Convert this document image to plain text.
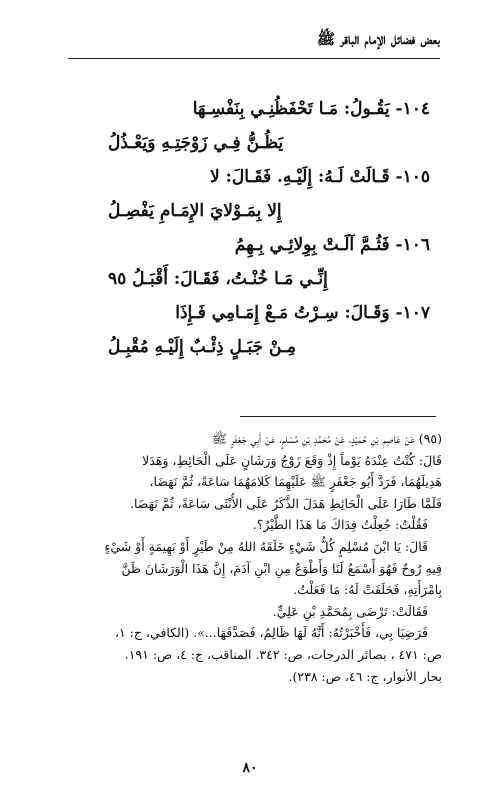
بعض فضائل الإمام الباقر ﷺ
١٠٤- يَقُـولُ: مَـا تَحْفَظُنِـي بِنَفْسِـهَا
يَظُـنُّ فِـي زَوْجَتِـهِ وَيَعْـذُلُ
١٠٥- قَـالَتْ لَـهُ: إِلَيْـهِ. فَقَـالَ: لا
إِلا بِمَـوْلايَ الإِمَـامِ يَفْصِـلُ
١٠٦- فَثُـمَّ آلَـتْ بِوِلائِـي بِـهِمُ
إِنِّـي مَـا خُنْـتُ، فَقَـالَ: أَقْبَـلُ ٩٥
١٠٧- وَقَـالَ: سِـرْتُ مَـعْ إِمَـامِي فَـإِذَا
مِـنْ جَبَـلٍ ذِئْـبٌ إِلَيْـهِ مُقْبِـلُ
(٩٥) عَنْ عَاصِمِ بْنِ حُمَيْدٍ، عَنْ مُحَمَّدِ بْنِ مُسْلِمٍ، عَنْ أَبِي جَعْفَرٍ ﷺ
قَالَ: كُنْتُ عِنْدَهُ يَوْماً إِذْ وَقَعَ زَوْجُ وَرَشَانٍ عَلَى الْحَائِطِ، وَهَدَلا
هَدِيلَهُمَا، فَرَدَّ أَبُو جَعْفَرٍ ﷺ عَلَيْهِمَا كَلامَهُمَا سَاعَةً، ثُمَّ نَهَضَا،
فَلَمَّا طَارَا عَلَى الْحَائِطِ هَدَلَ الذَّكَرُ عَلَى الأُنْثَى سَاعَةً، ثُمَّ نَهَضَا.
فَقُلْتُ: جُعِلْتُ فِدَاكَ مَا هَذَا الطَّيْرُ؟.
قَالَ: يَا ابْنَ مُسْلِمٍ كُلُّ شَيْءٍ خَلَقَهُ اللهُ مِنْ طَيْرٍ أَوْ بَهِيمَةٍ أَوْ شَيْءٍ
فِيهِ رُوحٌ فَهُوَ أَسْمَعُ لَنَا وَأَطْوَعُ مِنِ ابْنِ آدَمَ، إِنَّ هَذَا الْوَرَشَانَ ظَنَّ
بِامْرَأَتِهِ، فَحَلَفَتْ لَهُ: مَا فَعَلْتُ.
فَقَالَتْ: تَرْضَى بِمُحَمَّدِ بْنِ عَلِيٍّ.
فَرَضِيَا بِي، فَأَخْبَرْتُهُ: أَنَّهُ لَهَا ظَالِمٌ، فَصَدَّقَهَا...». (الكافي، ج: ١،
ص: ٤٧١ ، بصائر الدرجات، ص: ٣٤٢. المناقب، ج: ٤، ص: ١٩١.
بحار الأنوار، ج: ٤٦، ص: ٢٣٨).
٨٠
